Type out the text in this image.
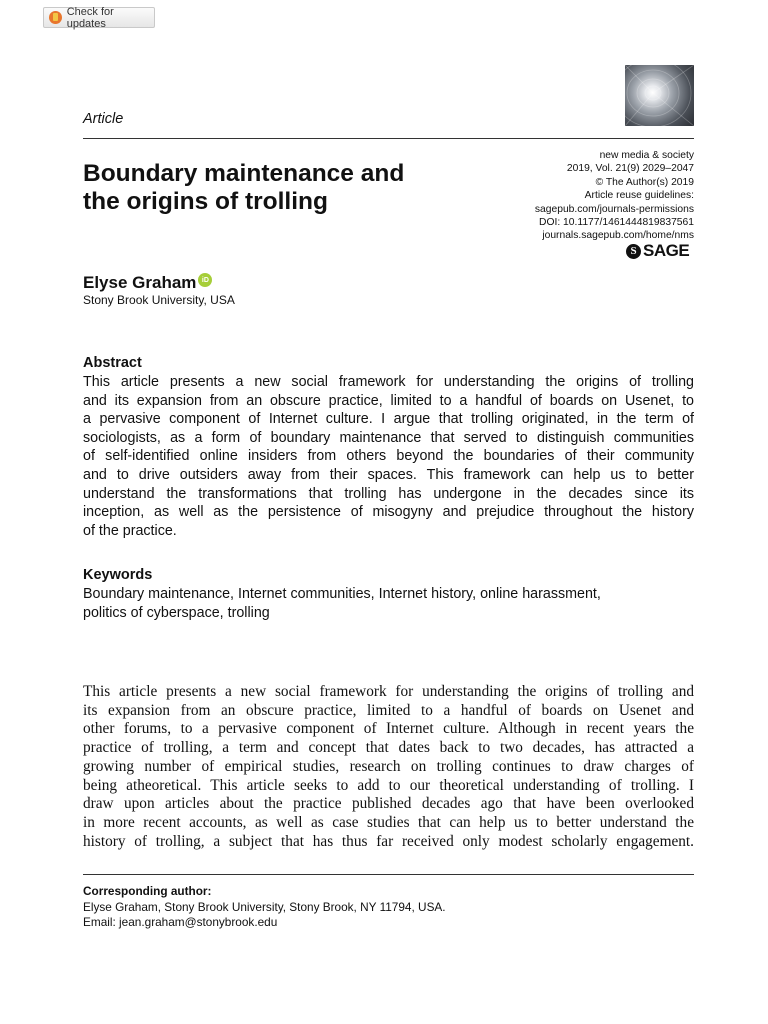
Check for updates
Article
Boundary maintenance and
the origins of trolling
new media & society
2019, Vol. 21(9) 2029–2047
© The Author(s) 2019
Article reuse guidelines:
sagepub.com/journals-permissions
DOI: 10.1177/1461444819837561
journals.sagepub.com/home/nms
S SAGE
Elyse Graham iD
Stony Brook University, USA
Abstract
This article presents a new social framework for understanding the origins of trolling
and its expansion from an obscure practice, limited to a handful of boards on Usenet, to
a pervasive component of Internet culture. I argue that trolling originated, in the term of
sociologists, as a form of boundary maintenance that served to distinguish communities
of self-identified online insiders from others beyond the boundaries of their community
and to drive outsiders away from their spaces. This framework can help us to better
understand the transformations that trolling has undergone in the decades since its
inception, as well as the persistence of misogyny and prejudice throughout the history
of the practice.
Keywords
Boundary maintenance, Internet communities, Internet history, online harassment,
politics of cyberspace, trolling
This article presents a new social framework for understanding the origins of trolling and
its expansion from an obscure practice, limited to a handful of boards on Usenet and
other forums, to a pervasive component of Internet culture. Although in recent years the
practice of trolling, a term and concept that dates back to two decades, has attracted a
growing number of empirical studies, research on trolling continues to draw charges of
being atheoretical. This article seeks to add to our theoretical understanding of trolling. I
draw upon articles about the practice published decades ago that have been overlooked
in more recent accounts, as well as case studies that can help us to better understand the
history of trolling, a subject that has thus far received only modest scholarly engagement.
Corresponding author:
Elyse Graham, Stony Brook University, Stony Brook, NY 11794, USA.
Email: jean.graham@stonybrook.edu
